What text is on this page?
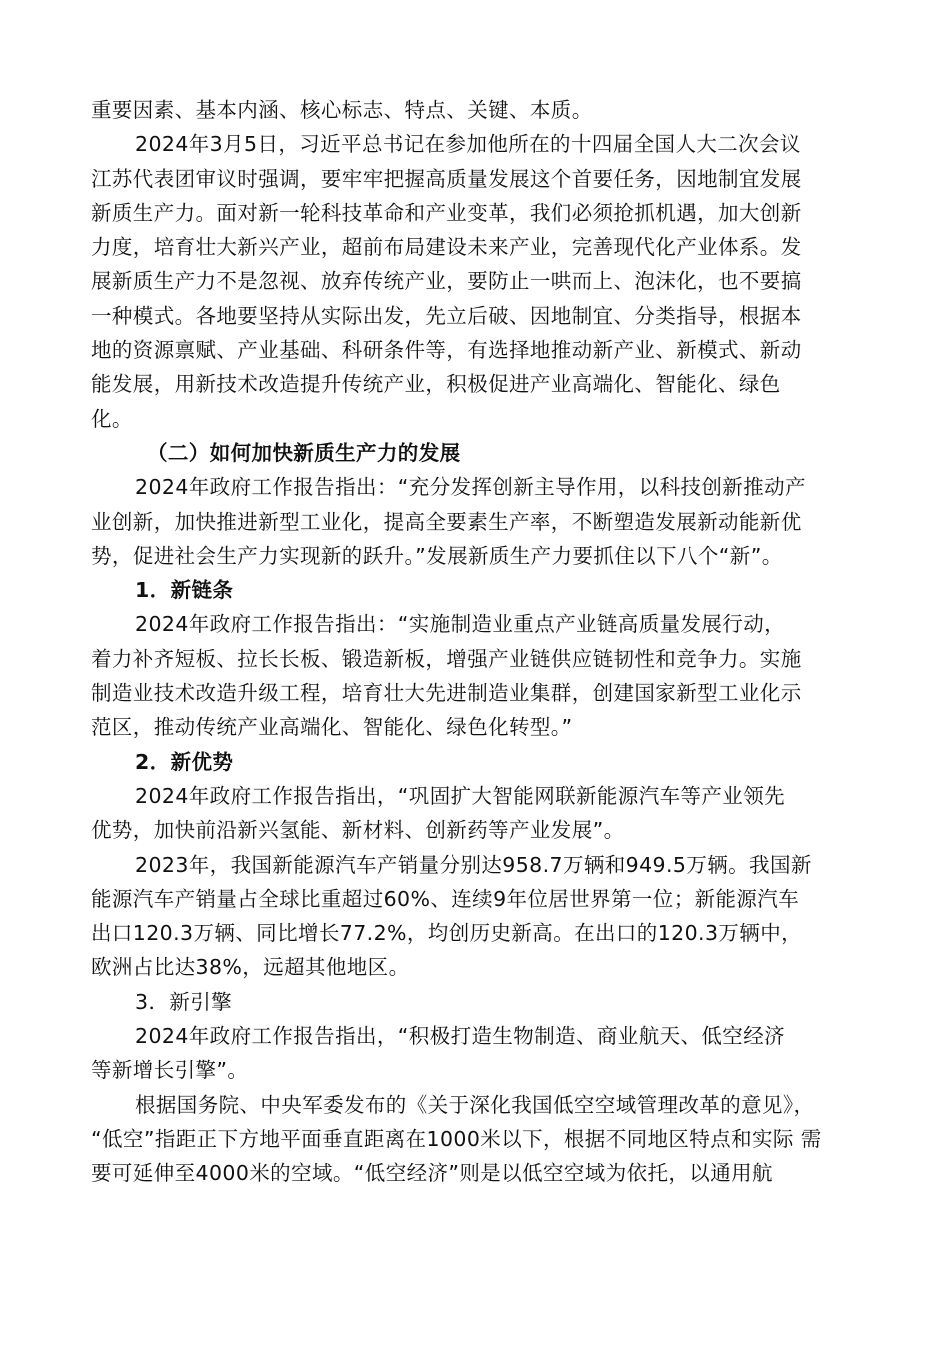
重要因素、基本内涵、核心标志、特点、关键、本质。
2024年3月5日，习近平总书记在参加他所在的十四届全国人大二次会议
江苏代表团审议时强调，要牢牢把握高质量发展这个首要任务，因地制宜发展
新质生产力。面对新一轮科技革命和产业变革，我们必须抢抓机遇，加大创新
力度，培育壮大新兴产业，超前布局建设未来产业，完善现代化产业体系。发
展新质生产力不是忽视、放弃传统产业，要防止一哄而上、泡沫化，也不要搞
一种模式。各地要坚持从实际出发，先立后破、因地制宜、分类指导，根据本
地的资源禀赋、产业基础、科研条件等，有选择地推动新产业、新模式、新动
能发展，用新技术改造提升传统产业，积极促进产业高端化、智能化、绿色
化。
（二）如何加快新质生产力的发展
2024年政府工作报告指出：“充分发挥创新主导作用，以科技创新推动产
业创新，加快推进新型工业化，提高全要素生产率，不断塑造发展新动能新优
势，促进社会生产力实现新的跃升。”发展新质生产力要抓住以下八个“新”。
1．新链条
2024年政府工作报告指出：“实施制造业重点产业链高质量发展行动，
着力补齐短板、拉长长板、锻造新板，增强产业链供应链韧性和竞争力。实施
制造业技术改造升级工程，培育壮大先进制造业集群，创建国家新型工业化示
范区，推动传统产业高端化、智能化、绿色化转型。”
2．新优势
2024年政府工作报告指出，“巩固扩大智能网联新能源汽车等产业领先
优势，加快前沿新兴氢能、新材料、创新药等产业发展”。
2023年，我国新能源汽车产销量分别达958.7万辆和949.5万辆。我国新
能源汽车产销量占全球比重超过60%、连续9年位居世界第一位；新能源汽车
出口120.3万辆、同比增长77.2%，均创历史新高。在出口的120.3万辆中，
欧洲占比达38%，远超其他地区。
3．新引擎
2024年政府工作报告指出，“积极打造生物制造、商业航天、低空经济
等新增长引擎”。
根据国务院、中央军委发布的《关于深化我国低空空域管理改革的意见》，
“低空”指距正下方地平面垂直距离在1000米以下，根据不同地区特点和实际 需
要可延伸至4000米的空域。“低空经济”则是以低空空域为依托，以通用航
